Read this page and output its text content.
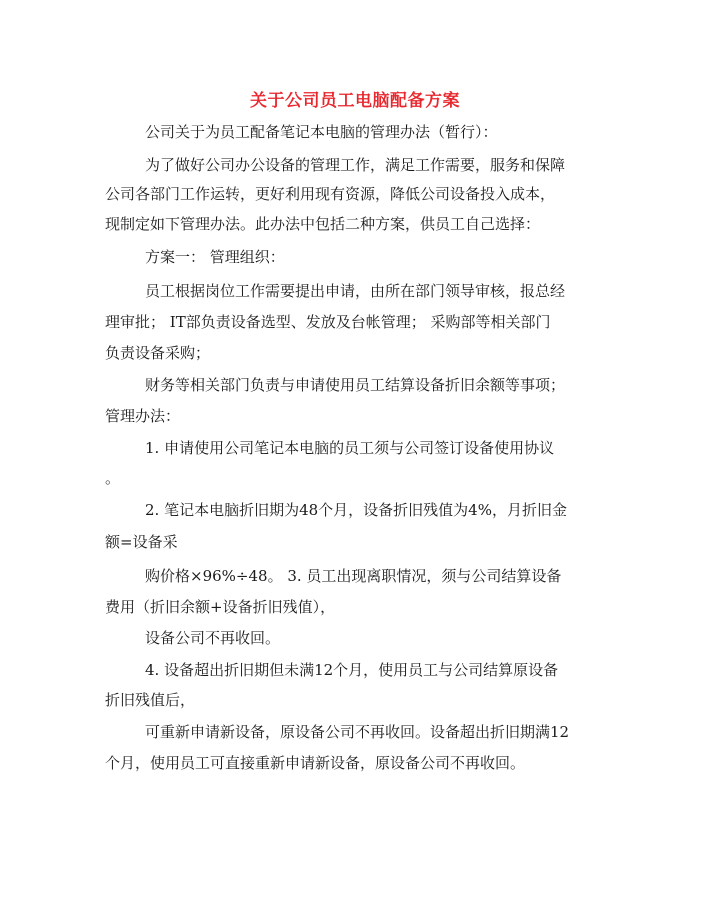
关于公司员工电脑配备方案
公司关于为员工配备笔记本电脑的管理办法（暂行）：
为了做好公司办公设备的管理工作，满足工作需要，服务和保障
公司各部门工作运转，更好利用现有资源，降低公司设备投入成本，
现制定如下管理办法。此办法中包括二种方案，供员工自己选择：
方案一： 管理组织：
员工根据岗位工作需要提出申请，由所在部门领导审核，报总经
理审批； IT部负责设备选型、发放及台帐管理； 采购部等相关部门
负责设备采购；
财务等相关部门负责与申请使用员工结算设备折旧余额等事项；
管理办法：
1. 申请使用公司笔记本电脑的员工须与公司签订设备使用协议
。
2. 笔记本电脑折旧期为48个月，设备折旧残值为4%，月折旧金
额=设备采
购价格×96%÷48。 3. 员工出现离职情况，须与公司结算设备
费用（折旧余额+设备折旧残值），
设备公司不再收回。
4. 设备超出折旧期但未满12个月，使用员工与公司结算原设备
折旧残值后，
可重新申请新设备，原设备公司不再收回。设备超出折旧期满12
个月，使用员工可直接重新申请新设备，原设备公司不再收回。
